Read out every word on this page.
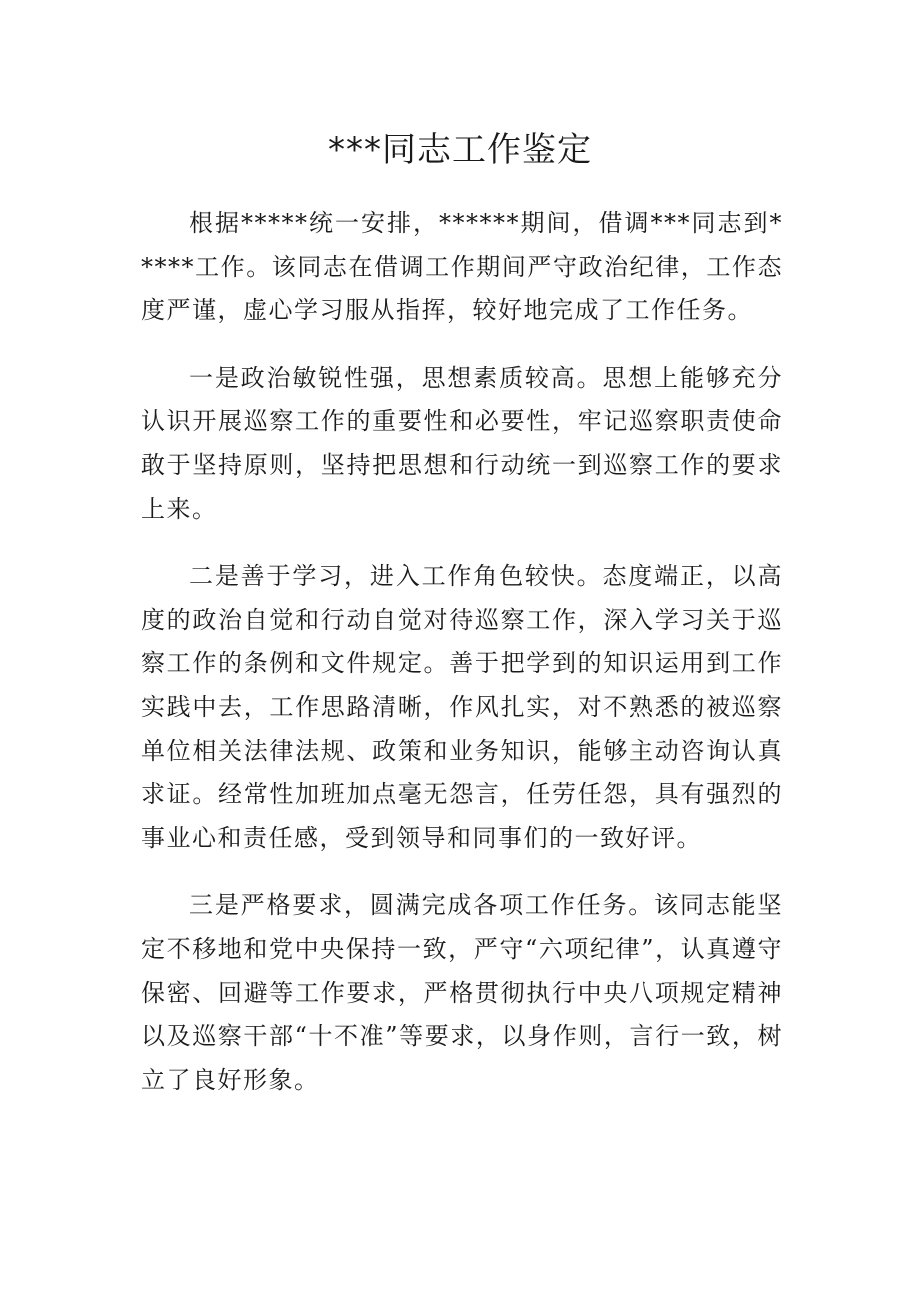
***同志工作鉴定

根据*****统一安排，******期间，借调***同志到*****工作。该同志在借调工作期间严守政治纪律，工作态度严谨，虚心学习服从指挥，较好地完成了工作任务。

一是政治敏锐性强，思想素质较高。思想上能够充分认识开展巡察工作的重要性和必要性，牢记巡察职责使命敢于坚持原则，坚持把思想和行动统一到巡察工作的要求上来。

二是善于学习，进入工作角色较快。态度端正，以高度的政治自觉和行动自觉对待巡察工作，深入学习关于巡察工作的条例和文件规定。善于把学到的知识运用到工作实践中去，工作思路清晰，作风扎实，对不熟悉的被巡察单位相关法律法规、政策和业务知识，能够主动咨询认真求证。经常性加班加点毫无怨言，任劳任怨，具有强烈的事业心和责任感，受到领导和同事们的一致好评。

三是严格要求，圆满完成各项工作任务。该同志能坚定不移地和党中央保持一致，严守“六项纪律”，认真遵守保密、回避等工作要求，严格贯彻执行中央八项规定精神以及巡察干部“十不准”等要求，以身作则，言行一致，树立了良好形象。
